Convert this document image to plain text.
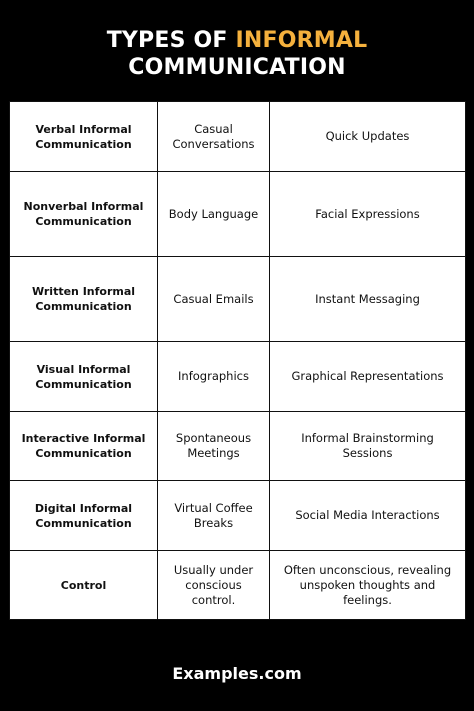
TYPES OF INFORMAL
COMMUNICATION
Verbal Informal Communication	Casual Conversations	Quick Updates
Nonverbal Informal Communication	Body Language	Facial Expressions
Written Informal Communication	Casual Emails	Instant Messaging
Visual Informal Communication	Infographics	Graphical Representations
Interactive Informal Communication	Spontaneous Meetings	Informal Brainstorming Sessions
Digital Informal Communication	Virtual Coffee Breaks	Social Media Interactions
Control	Usually under conscious control.	Often unconscious, revealing unspoken thoughts and feelings.
Examples.com
